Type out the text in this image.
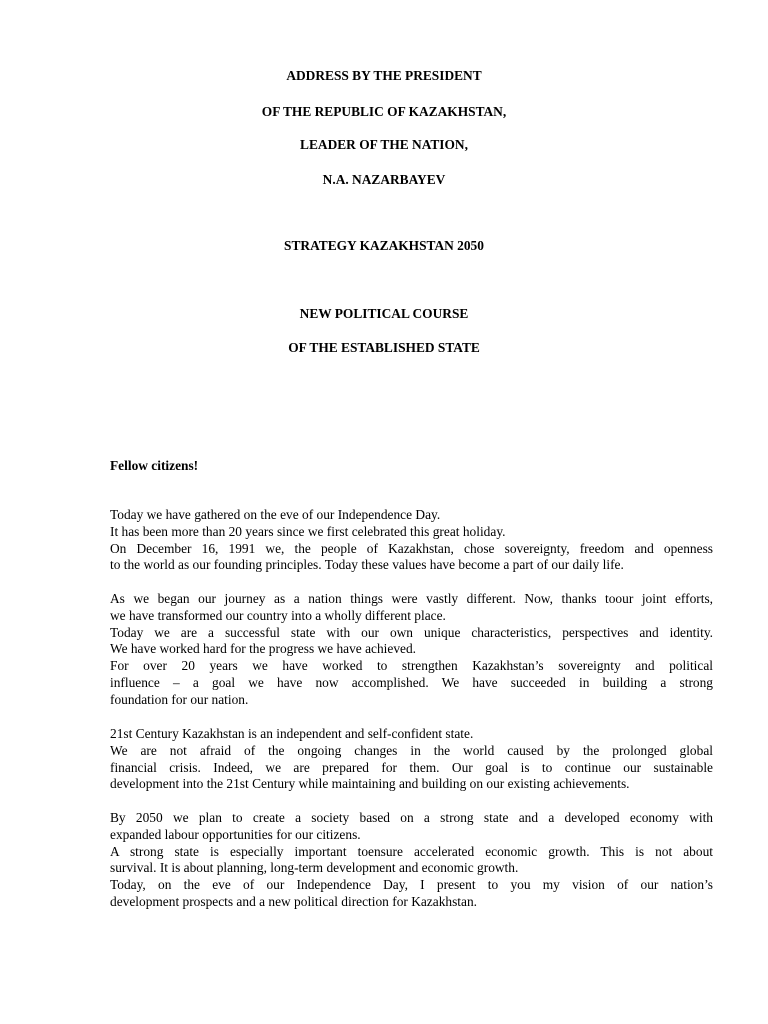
ADDRESS BY THE PRESIDENT
OF THE REPUBLIC OF KAZAKHSTAN,
LEADER OF THE NATION,
N.A. NAZARBAYEV
STRATEGY KAZAKHSTAN 2050
NEW POLITICAL COURSE
OF THE ESTABLISHED STATE

Fellow citizens!

Today we have gathered on the eve of our Independence Day.
It has been more than 20 years since we first celebrated this great holiday.
On December 16, 1991 we, the people of Kazakhstan, chose sovereignty, freedom and openness
to the world as our founding principles. Today these values have become a part of our daily life.

As we began our journey as a nation things were vastly different. Now, thanks toour joint efforts,
we have transformed our country into a wholly different place.
Today we are a successful state with our own unique characteristics, perspectives and identity.
We have worked hard for the progress we have achieved.
For over 20 years we have worked to strengthen Kazakhstan’s sovereignty and political
influence – a goal we have now accomplished. We have succeeded in building a strong
foundation for our nation.

21st Century Kazakhstan is an independent and self-confident state.
We are not afraid of the ongoing changes in the world caused by the prolonged global
financial crisis. Indeed, we are prepared for them. Our goal is to continue our sustainable
development into the 21st Century while maintaining and building on our existing achievements.

By 2050 we plan to create a society based on a strong state and a developed economy with
expanded labour opportunities for our citizens.
A strong state is especially important toensure accelerated economic growth. This is not about
survival. It is about planning, long-term development and economic growth.
Today, on the eve of our Independence Day, I present to you my vision of our nation’s
development prospects and a new political direction for Kazakhstan.
